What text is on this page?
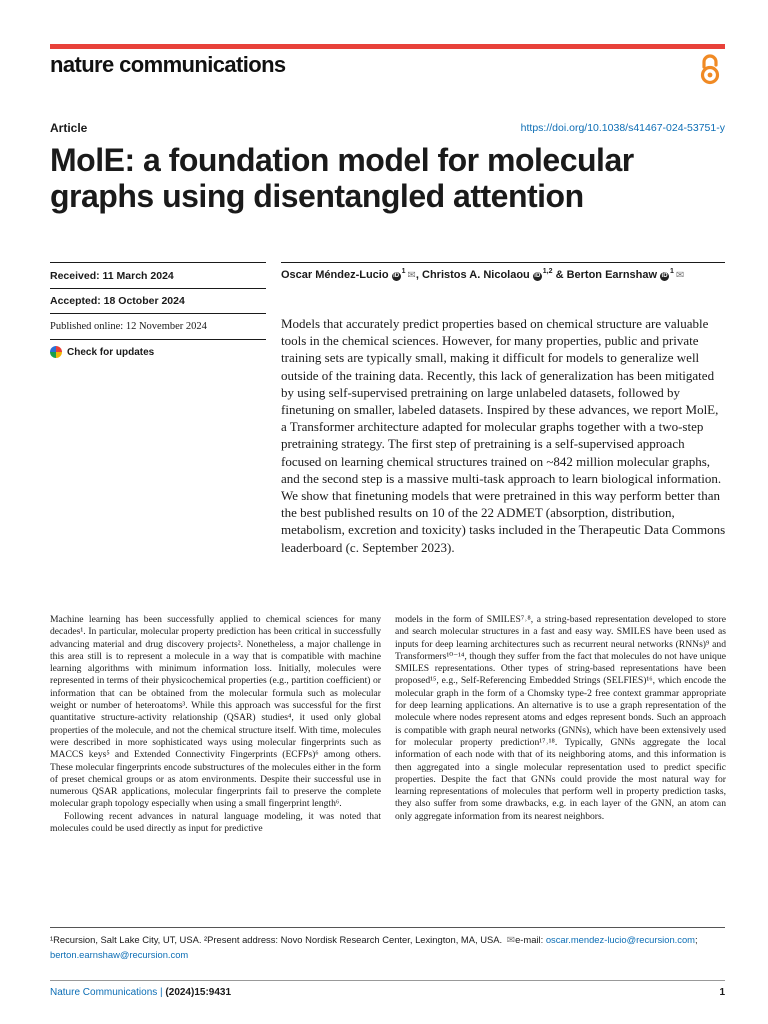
nature communications
Article	https://doi.org/10.1038/s41467-024-53751-y
MolE: a foundation model for molecular graphs using disentangled attention
Received: 11 March 2024
Accepted: 18 October 2024
Published online: 12 November 2024
Check for updates
Oscar Méndez-Lucio $iD^1$ ✉, Christos A. Nicolaou iD$^{1,2}$ & Berton Earnshaw $iD^1$ ✉

Models that accurately predict properties based on chemical structure are valuable tools in the chemical sciences. However, for many properties, public and private training sets are typically small, making it difficult for models to generalize well outside of the training data. Recently, this lack of generalization has been mitigated by using self-supervised pretraining on large unlabeled datasets, followed by finetuning on smaller, labeled datasets. Inspired by these advances, we report MolE, a Transformer architecture adapted for molecular graphs together with a two-step pretraining strategy. The first step of pretraining is a self-supervised approach focused on learning chemical structures trained on ~842 million molecular graphs, and the second step is a massive multi-task approach to learn biological information. We show that finetuning models that were pretrained in this way perform better than the best published results on 10 of the 22 ADMET (absorption, distribution, metabolism, excretion and toxicity) tasks included in the Therapeutic Data Commons leaderboard (c. September 2023).

Machine learning has been successfully applied to chemical sciences for many decades¹. In particular, molecular property prediction has been critical in successfully advancing material and drug discovery projects². Nonetheless, a major challenge in this area still is to represent a molecule in a way that is compatible with machine learning algorithms with minimum information loss. Initially, molecules were represented in terms of their physicochemical properties (e.g., partition coefficient) or information that can be obtained from the molecular formula such as molecular weight or number of heteroatoms³. While this approach was successful for the first quantitative structure-activity relationship (QSAR) studies⁴, it used only global properties of the molecule, and not the chemical structure itself. With time, molecules were described in more sophisticated ways using molecular fingerprints such as MACCS keys⁵ and Extended Connectivity Fingerprints (ECFPs)⁶ among others. These molecular fingerprints encode substructures of the molecules either in the form of preset chemical groups or as atom environments. Despite their successful use in numerous QSAR applications, molecular fingerprints fail to preserve the complete molecular graph topology especially when using a small fingerprint length⁶.

Following recent advances in natural language modeling, it was noted that molecules could be used directly as input for predictive

models in the form of SMILES⁷˒⁸, a string-based representation developed to store and search molecular structures in a fast and easy way. SMILES have been used as inputs for deep learning architectures such as recurrent neural networks (RNNs)⁹ and Transformers¹⁰⁻¹⁴, though they suffer from the fact that molecules do not have unique SMILES representations. Other types of string-based representations have been proposed¹⁵, e.g., Self-Referencing Embedded Strings (SELFIES)¹⁶, which encode the molecular graph in the form of a Chomsky type-2 free context grammar appropriate for deep learning applications. An alternative is to use a graph representation of the molecule where nodes represent atoms and edges represent bonds. Such an approach is compatible with graph neural networks (GNNs), which have been extensively used for molecular property prediction¹⁷˒¹⁸. Typically, GNNs aggregate the local information of each node with that of its neighboring atoms, and this information is then aggregated into a single molecular representation used to predict specific properties. Despite the fact that GNNs could provide the most natural way for learning representations of molecules that perform well in property prediction tasks, they also suffer from some drawbacks, e.g. in each layer of the GNN, an atom can only aggregate information from its nearest neighbors.

¹Recursion, Salt Lake City, UT, USA. ²Present address: Novo Nordisk Research Center, Lexington, MA, USA. ✉e-mail: oscar.mendez-lucio@recursion.com;
berton.earnshaw@recursion.com
Nature Communications | (2024)15:9431	1
